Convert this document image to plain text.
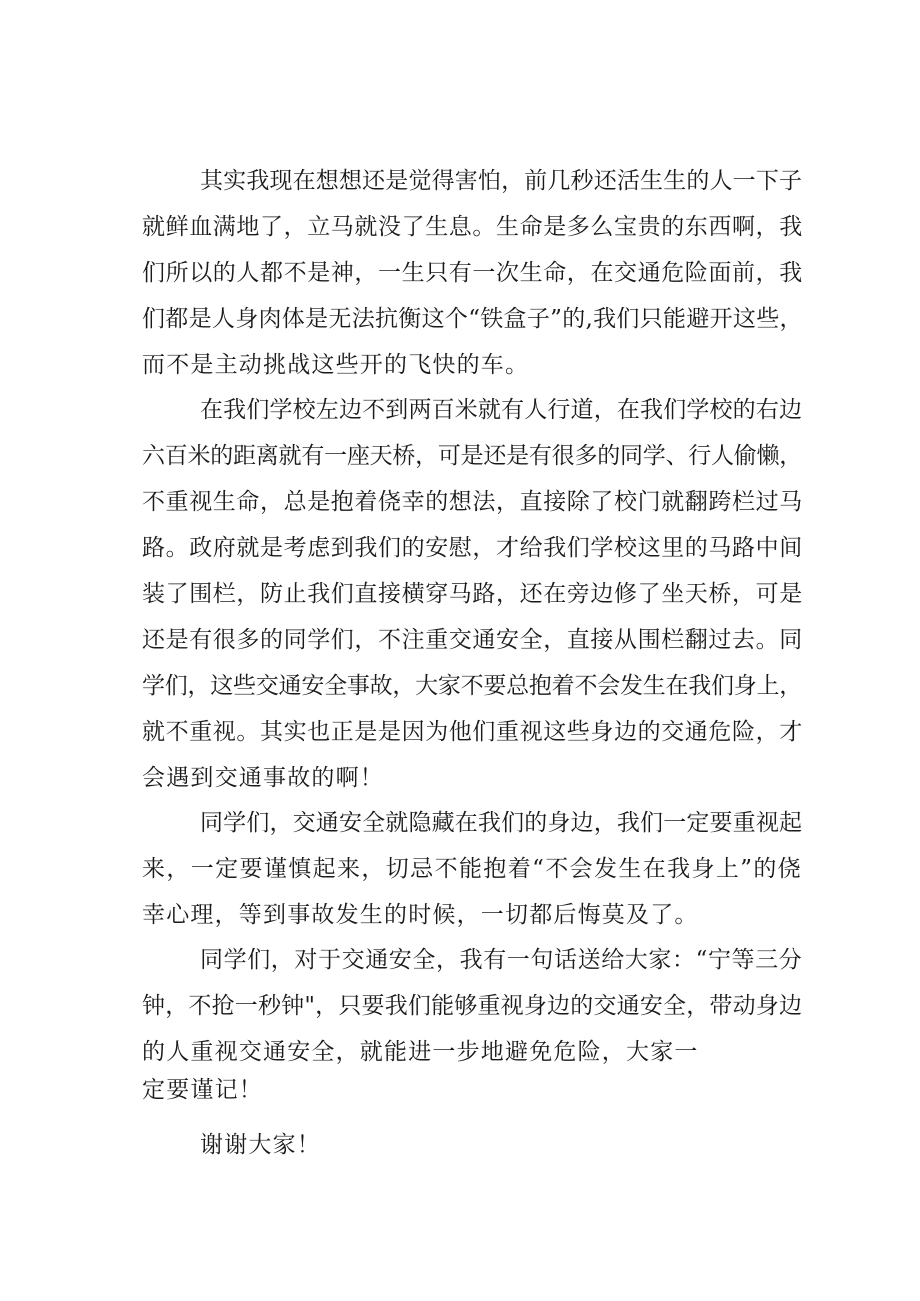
其实我现在想想还是觉得害怕，前几秒还活生生的人一下子
就鲜血满地了，立马就没了生息。生命是多么宝贵的东西啊，我
们所以的人都不是神，一生只有一次生命，在交通危险面前，我
们都是人身肉体是无法抗衡这个“铁盒子”的,我们只能避开这些，
而不是主动挑战这些开的飞快的车。
在我们学校左边不到两百米就有人行道，在我们学校的右边
六百米的距离就有一座天桥，可是还是有很多的同学、行人偷懒，
不重视生命，总是抱着侥幸的想法，直接除了校门就翻跨栏过马
路。政府就是考虑到我们的安慰，才给我们学校这里的马路中间
装了围栏，防止我们直接横穿马路，还在旁边修了坐天桥，可是
还是有很多的同学们，不注重交通安全，直接从围栏翻过去。同
学们，这些交通安全事故，大家不要总抱着不会发生在我们身上，
就不重视。其实也正是是因为他们重视这些身边的交通危险，才
会遇到交通事故的啊！
同学们，交通安全就隐藏在我们的身边，我们一定要重视起
来，一定要谨慎起来，切忌不能抱着“不会发生在我身上”的侥
幸心理，等到事故发生的时候，一切都后悔莫及了。
同学们，对于交通安全，我有一句话送给大家：“宁等三分
钟，不抢一秒钟"，只要我们能够重视身边的交通安全，带动身边
的人重视交通安全，就能进一步地避免危险，大家一
定要谨记！
谢谢大家！
